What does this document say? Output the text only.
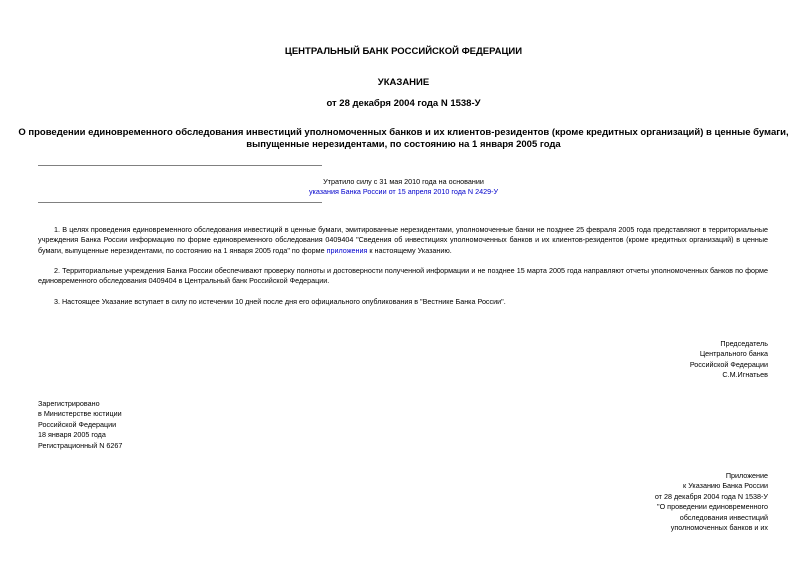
ЦЕНТРАЛЬНЫЙ БАНК РОССИЙСКОЙ ФЕДЕРАЦИИ
УКАЗАНИЕ
от 28 декабря 2004 года N 1538-У
О проведении единовременного обследования инвестиций уполномоченных банков и их клиентов-резидентов (кроме кредитных организаций) в ценные бумаги,
выпущенные нерезидентами, по состоянию на 1 января 2005 года
Утратило силу с 31 мая 2010 года на основании
указания Банка России от 15 апреля 2010 года N 2429-У
1. В целях проведения единовременного обследования инвестиций в ценные бумаги, эмитированные нерезидентами, уполномоченные банки не позднее 25 февраля 2005 года представляют в территориальные учреждения Банка России информацию по форме единовременного обследования 0409404 "Сведения об инвестициях уполномоченных банков и их клиентов-резидентов (кроме кредитных организаций) в ценные бумаги, выпущенные нерезидентами, по состоянию на 1 января 2005 года" по форме приложения к настоящему Указанию.
2. Территориальные учреждения Банка России обеспечивают проверку полноты и достоверности полученной информации и не позднее 15 марта 2005 года направляют отчеты уполномоченных банков по форме единовременного обследования 0409404 в Центральный банк Российской Федерации.
3. Настоящее Указание вступает в силу по истечении 10 дней после дня его официального опубликования в "Вестнике Банка России".
Председатель
Центрального банка
Российской Федерации
С.М.Игнатьев
Зарегистрировано
в Министерстве юстиции
Российской Федерации
18 января 2005 года
Регистрационный N 6267
Приложение
к Указанию Банка России
от 28 декабря 2004 года N 1538-У
"О проведении единовременного
обследования инвестиций
уполномоченных банков и их
